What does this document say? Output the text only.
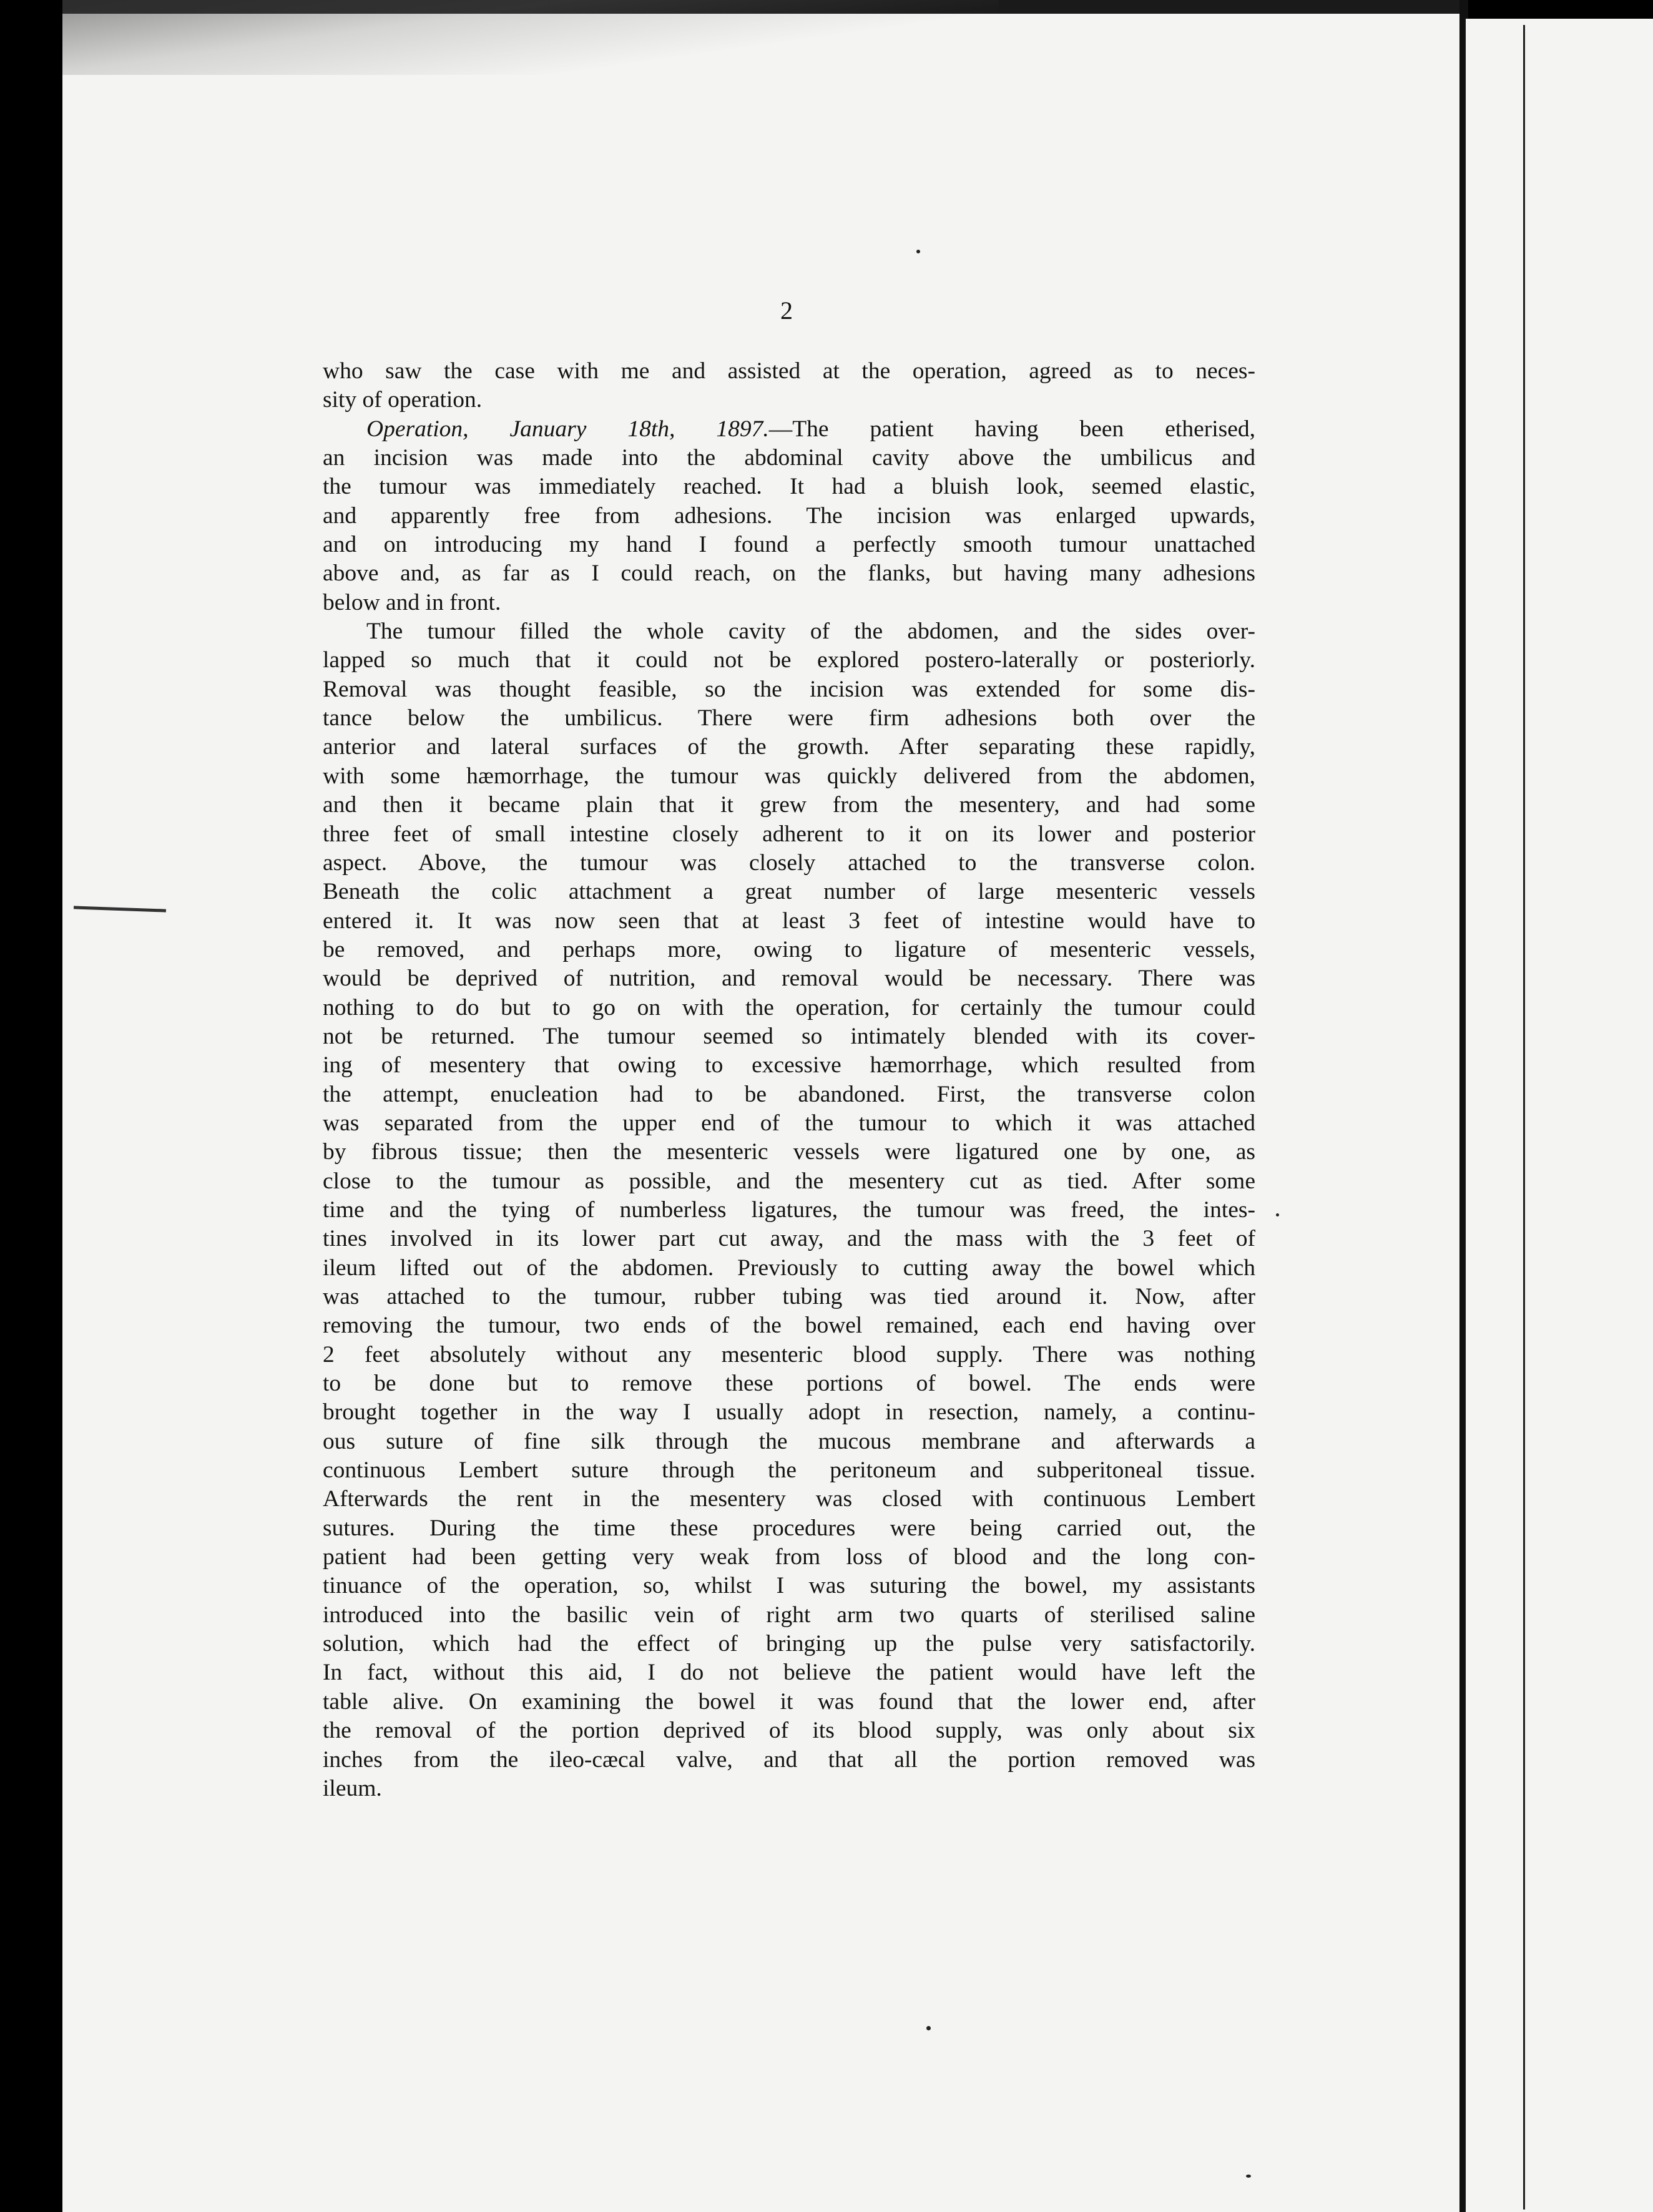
2
who saw the case with me and assisted at the operation, agreed as to neces-
sity of operation.
Operation, January 18th, 1897.—The patient having been etherised,
an incision was made into the abdominal cavity above the umbilicus and
the tumour was immediately reached. It had a bluish look, seemed elastic,
and apparently free from adhesions. The incision was enlarged upwards,
and on introducing my hand I found a perfectly smooth tumour unattached
above and, as far as I could reach, on the flanks, but having many adhesions
below and in front.
The tumour filled the whole cavity of the abdomen, and the sides over-
lapped so much that it could not be explored postero-laterally or posteriorly.
Removal was thought feasible, so the incision was extended for some dis-
tance below the umbilicus. There were firm adhesions both over the
anterior and lateral surfaces of the growth. After separating these rapidly,
with some hæmorrhage, the tumour was quickly delivered from the abdomen,
and then it became plain that it grew from the mesentery, and had some
three feet of small intestine closely adherent to it on its lower and posterior
aspect. Above, the tumour was closely attached to the transverse colon.
Beneath the colic attachment a great number of large mesenteric vessels
entered it. It was now seen that at least 3 feet of intestine would have to
be removed, and perhaps more, owing to ligature of mesenteric vessels,
would be deprived of nutrition, and removal would be necessary. There was
nothing to do but to go on with the operation, for certainly the tumour could
not be returned. The tumour seemed so intimately blended with its cover-
ing of mesentery that owing to excessive hæmorrhage, which resulted from
the attempt, enucleation had to be abandoned. First, the transverse colon
was separated from the upper end of the tumour to which it was attached
by fibrous tissue; then the mesenteric vessels were ligatured one by one, as
close to the tumour as possible, and the mesentery cut as tied. After some
time and the tying of numberless ligatures, the tumour was freed, the intes-
tines involved in its lower part cut away, and the mass with the 3 feet of
ileum lifted out of the abdomen. Previously to cutting away the bowel which
was attached to the tumour, rubber tubing was tied around it. Now, after
removing the tumour, two ends of the bowel remained, each end having over
2 feet absolutely without any mesenteric blood supply. There was nothing
to be done but to remove these portions of bowel. The ends were
brought together in the way I usually adopt in resection, namely, a continu-
ous suture of fine silk through the mucous membrane and afterwards a
continuous Lembert suture through the peritoneum and subperitoneal tissue.
Afterwards the rent in the mesentery was closed with continuous Lembert
sutures. During the time these procedures were being carried out, the
patient had been getting very weak from loss of blood and the long con-
tinuance of the operation, so, whilst I was suturing the bowel, my assistants
introduced into the basilic vein of right arm two quarts of sterilised saline
solution, which had the effect of bringing up the pulse very satisfactorily.
In fact, without this aid, I do not believe the patient would have left the
table alive. On examining the bowel it was found that the lower end, after
the removal of the portion deprived of its blood supply, was only about six
inches from the ileo-cæcal valve, and that all the portion removed was
ileum.
